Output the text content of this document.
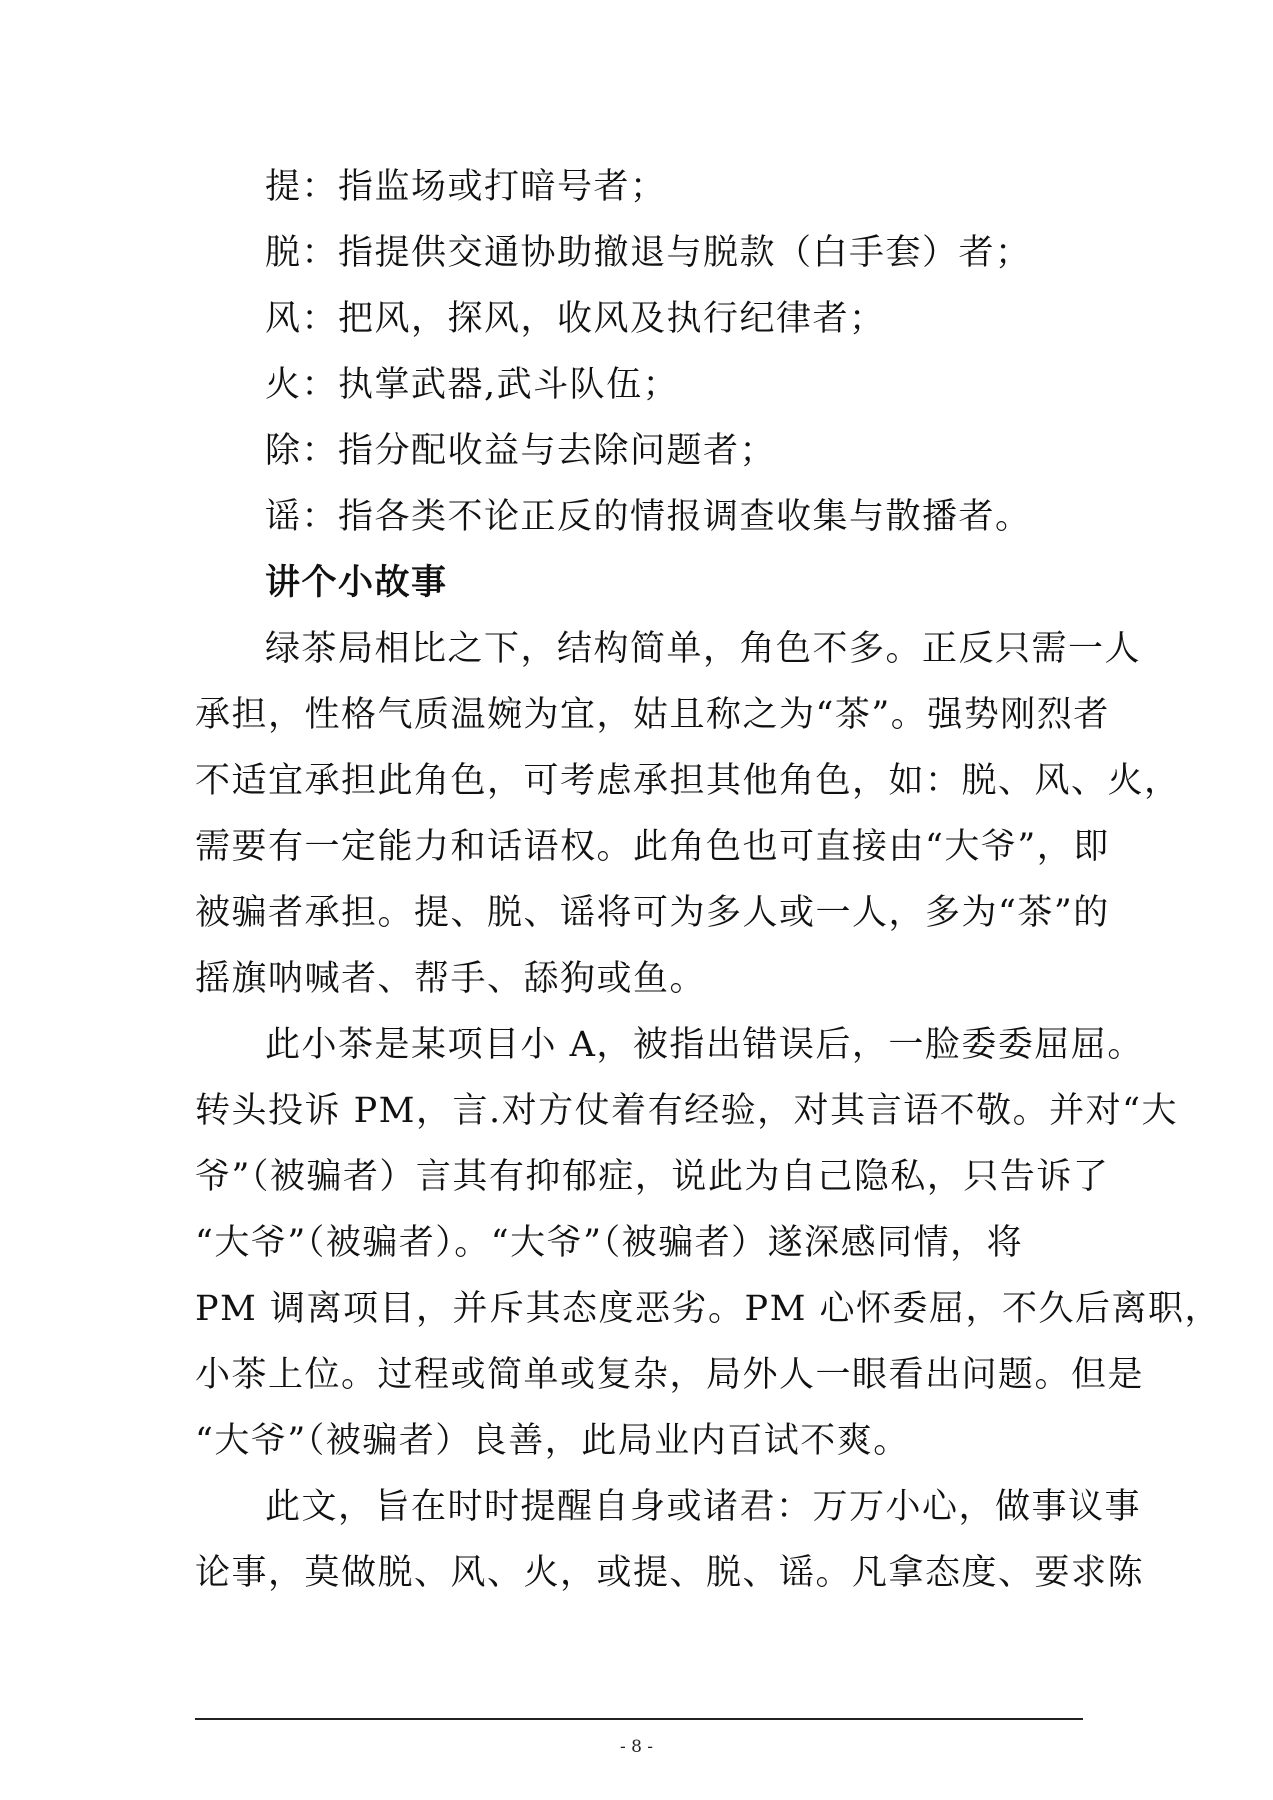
提：指监场或打暗号者；

脱：指提供交通协助撤退与脱款（白手套）者；

风：把风，探风，收风及执行纪律者；

火：执掌武器,武斗队伍；

除：指分配收益与去除问题者；

谣：指各类不论正反的情报调查收集与散播者。

讲个小故事

绿茶局相比之下，结构简单，角色不多。正反只需一人

承担，性格气质温婉为宜，姑且称之为“茶”。强势刚烈者

不适宜承担此角色，可考虑承担其他角色，如：脱、风、火，

需要有一定能力和话语权。此角色也可直接由“大爷”，即

被骗者承担。提、脱、谣将可为多人或一人，多为“茶”的

摇旗呐喊者、帮手、舔狗或鱼。

此小茶是某项目小 A，被指出错误后，一脸委委屈屈。

转头投诉 PM，言.对方仗着有经验，对其言语不敬。并对“大

爷”（被骗者）言其有抑郁症，说此为自己隐私，只告诉了

“大爷”（被骗者）。“大爷”（被骗者）遂深感同情，将

PM 调离项目，并斥其态度恶劣。PM 心怀委屈，不久后离职，

小茶上位。过程或简单或复杂，局外人一眼看出问题。但是

“大爷”（被骗者）良善，此局业内百试不爽。

此文，旨在时时提醒自身或诸君：万万小心，做事议事

论事，莫做脱、风、火，或提、脱、谣。凡拿态度、要求陈

- 8 -
